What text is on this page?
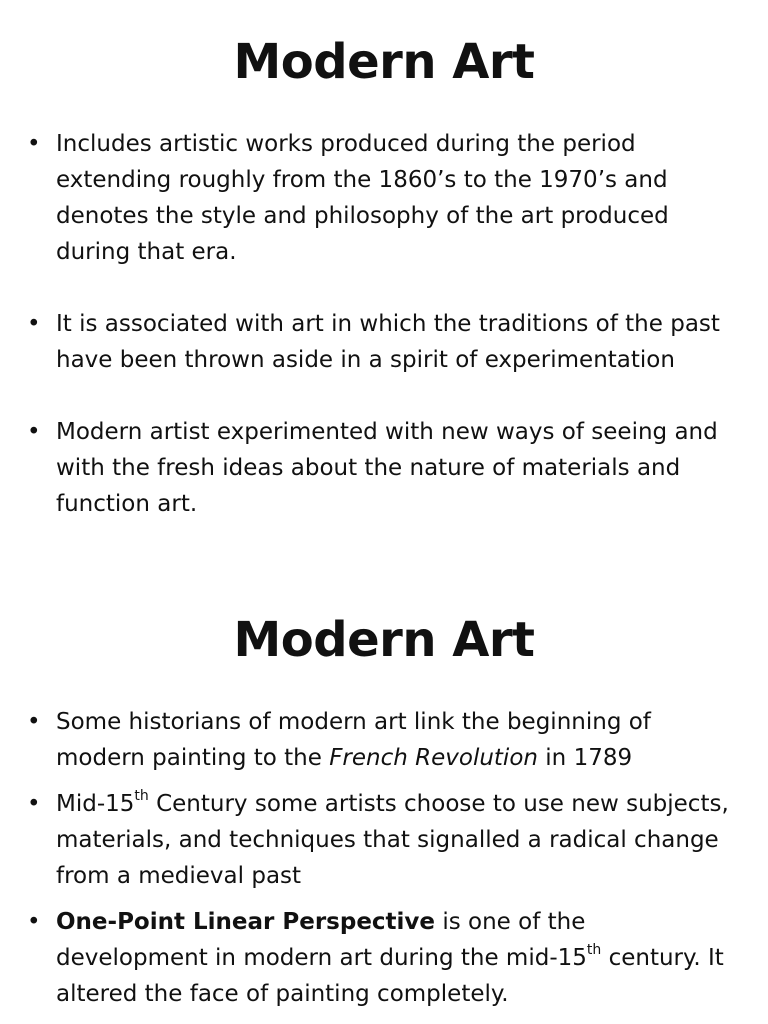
Modern Art
• Includes artistic works produced during the period extending roughly from the 1860’s to the 1970’s and denotes the style and philosophy of the art produced during that era.
• It is associated with art in which the traditions of the past have been thrown aside in a spirit of experimentation
• Modern artist experimented with new ways of seeing and with the fresh ideas about the nature of materials and function art.
Modern Art
• Some historians of modern art link the beginning of modern painting to the French Revolution in 1789
• Mid-15th Century some artists choose to use new subjects, materials, and techniques that signalled a radical change from a medieval past
• One-Point Linear Perspective is one of the development in modern art during the mid-15th century. It altered the face of painting completely.
